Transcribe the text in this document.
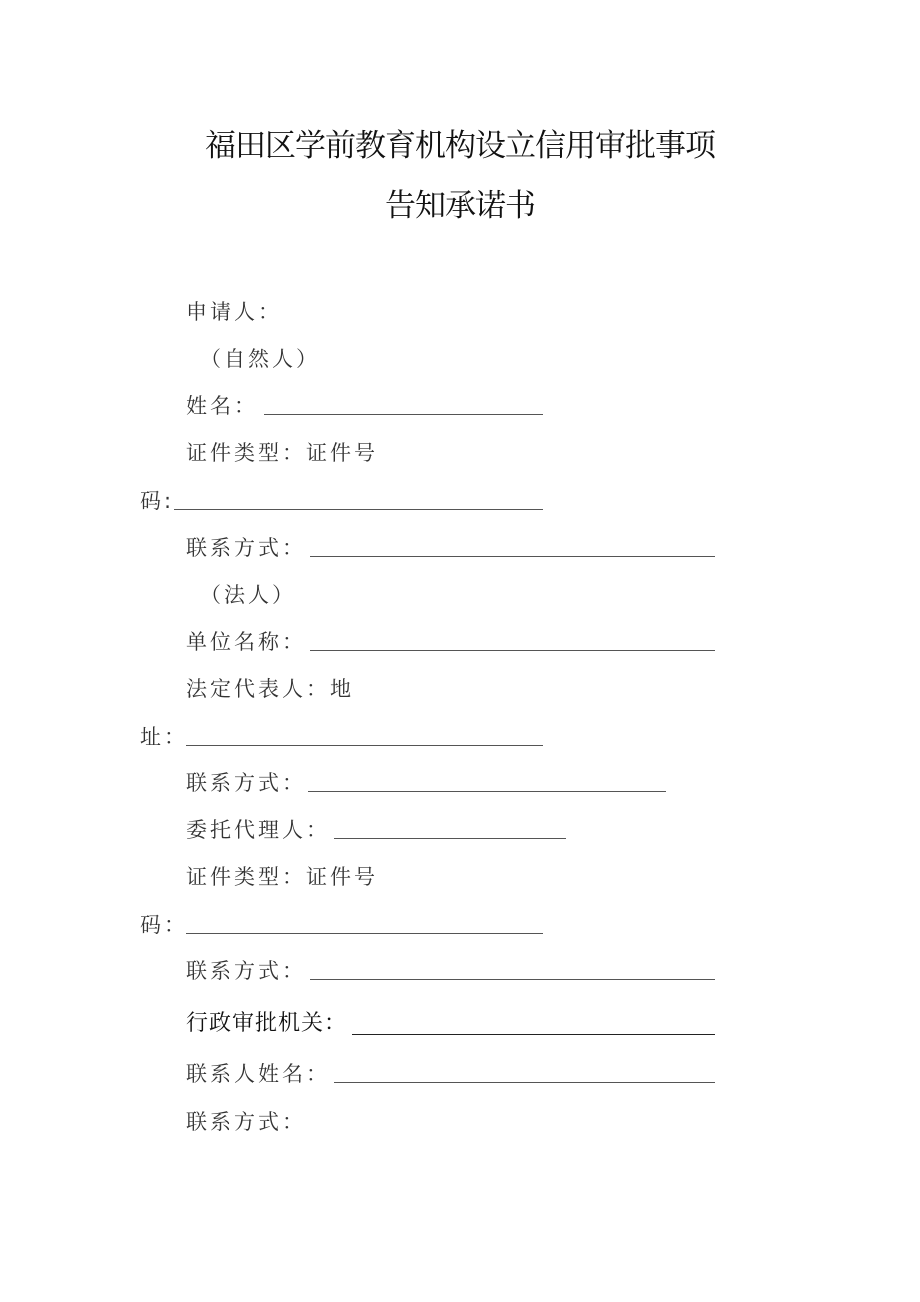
福田区学前教育机构设立信用审批事项
告知承诺书
申请人：
（自然人）
姓名：
证件类型：证件号
码:
联系方式：
（法人）
单位名称：
法定代表人：地
址：
联系方式：
委托代理人：
证件类型：证件号
码：
联系方式：
行政审批机关：
联系人姓名：
联系方式：
